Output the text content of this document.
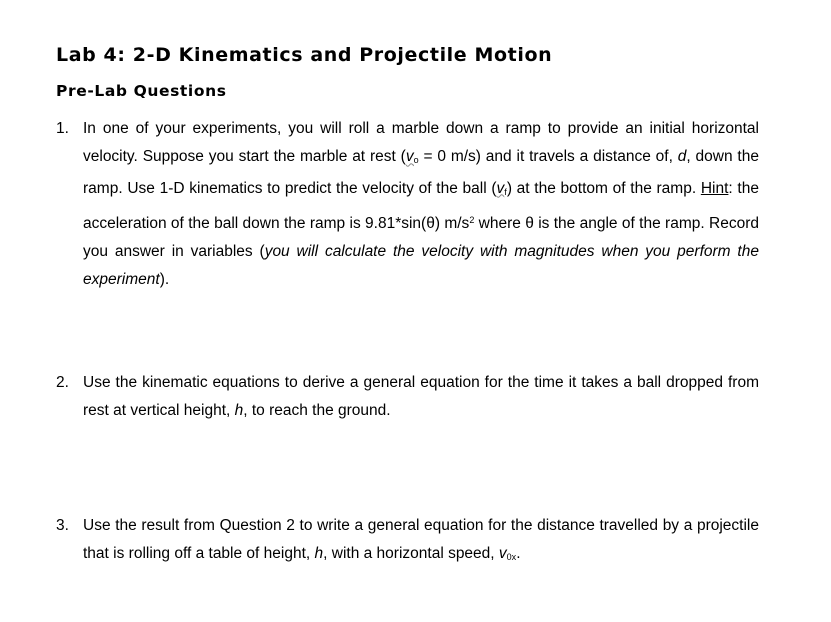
Lab 4: 2-D Kinematics and Projectile Motion
Pre-Lab Questions
1. In one of your experiments, you will roll a marble down a ramp to provide an initial horizontal velocity. Suppose you start the marble at rest ($v_o = 0$ m/s) and it travels a distance of, d, down the ramp. Use 1-D kinematics to predict the velocity of the ball $(v_f)$ at the bottom of the ramp. Hint: the acceleration of the ball down the ramp is 9.81*sin(θ) $m/s^2$ where θ is the angle of the ramp. Record you answer in variables (you will calculate the velocity with magnitudes when you perform the experiment).
2. Use the kinematic equations to derive a general equation for the time it takes a ball dropped from rest at vertical height, h, to reach the ground.
3. Use the result from Question 2 to write a general equation for the distance travelled by a projectile that is rolling off a table of height, h, with a horizontal speed, $v_{0x}$.
